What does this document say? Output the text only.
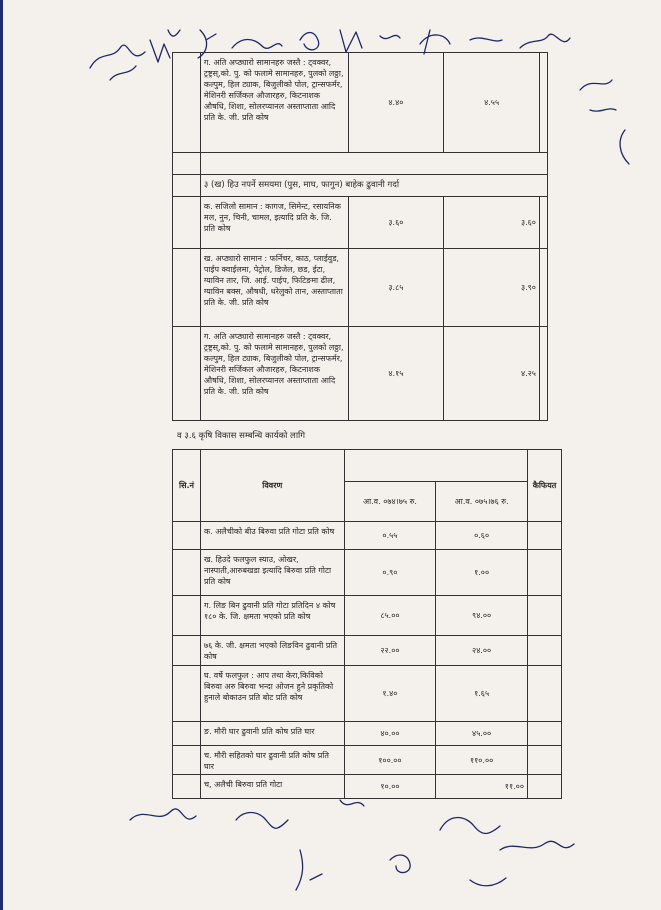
	ग. अति अप्ठ्यारो सामानहरु जस्तै : ट्वक्वर, ट्रष्ट्रस्,को. पु. को फलामे सामानहरु, पुलको लठ्ठा, कल्पुम, हिल ट्याक, बिजुलीको पोल, ट्रान्सफर्मर, मेशिनरी सर्जिकल औजारहरु, किटनाशक औषधि, शिशा, सोलरप्यानल अस्ताप्ताता आदि प्रति के. जी. प्रति कोष	४.४०	४.५५	

	३ (ख) हिउ नपर्ने समयमा (पुस, माघ, फागुन) बाहेक ढुवानी गर्दा			
	क. सजिलो सामान : कागज, सिमेन्ट, रसायनिक मल, नुन, चिनी, चामल, इत्यादि प्रति के. जि. प्रति कोष	३.६०	३.६०	
	ख. अप्ठ्यारो सामान : फर्निचर, काठ, प्लाईवुड, पाईप क्वाईलमा, पेट्रोल, डिजेल, छड, ईटा, ग्याविन तार, जि. आई. पाईप, फिटिङमा ढील, ग्याविन बक्स, औषधी, धरेलुको तान, अस्ताप्ताता प्रति के. जी. प्रति कोष	३.८५	३.९०	
	ग. अति अप्ठ्यारो सामानहरु जस्तै : ट्वक्वर, ट्रष्ट्रस्,को. पु. को फलामे सामानहरु, पुलको लठ्ठा, कल्पुम, हिल ट्याक, बिजुलीको पोल, ट्रान्सफर्मर, मेशिनरी सर्जिकल औजारहरु, किटनाशक औषधि, शिशा, सोलरप्यानल अस्ताप्ताता आदि प्रति के. जी. प्रति कोष	४.१५	४.२५	
व ३.६ कृषि विकास सम्बन्धि कार्यको लागि
सि.नं	विवरण			कैफियत
		आ.व. ०७४।७५ रु.	आ.व. ०७५।७६ रु.	
	क. अलैचीको बीउ बिरुवा प्रति गोटा प्रति कोष	०.५५	०.६०	
	ख. हिउदे फलफुल स्याउ, ओखर, नास्पाती,आरुबखडा इत्यादि बिरुवा प्रति गोटा प्रति कोष	०.९०	१.००	
	ग. लिङ बिन ढुवानी प्रति गोटा प्रतिदिन ४ कोष १८० के. जि. क्षमता भएको प्रति कोष	८५.००	९४.००	
	७६ के. जी. क्षमता भएको लिङविन ढुवानी प्रति कोष	२२.००	२४.००	
	घ. वर्षे फलफुल : आप तथा केरा,किविको बिरुवा अरु बिरुवा भन्दा ओजन हुने प्रकृतिको हुनाले बोकाउन प्रति बोट प्रति कोष	१.४०	१.६५	
	ङ. मौरी घार ढुवानी प्रति कोष प्रति घार	४०.००	४५.००	
	च. मौरी सहितको घार ढुवानी प्रति कोष प्रति घार	१००.००	११०.००	
	च, अलैची बिरुवा प्रति गोटा	१०.००	११.००	
